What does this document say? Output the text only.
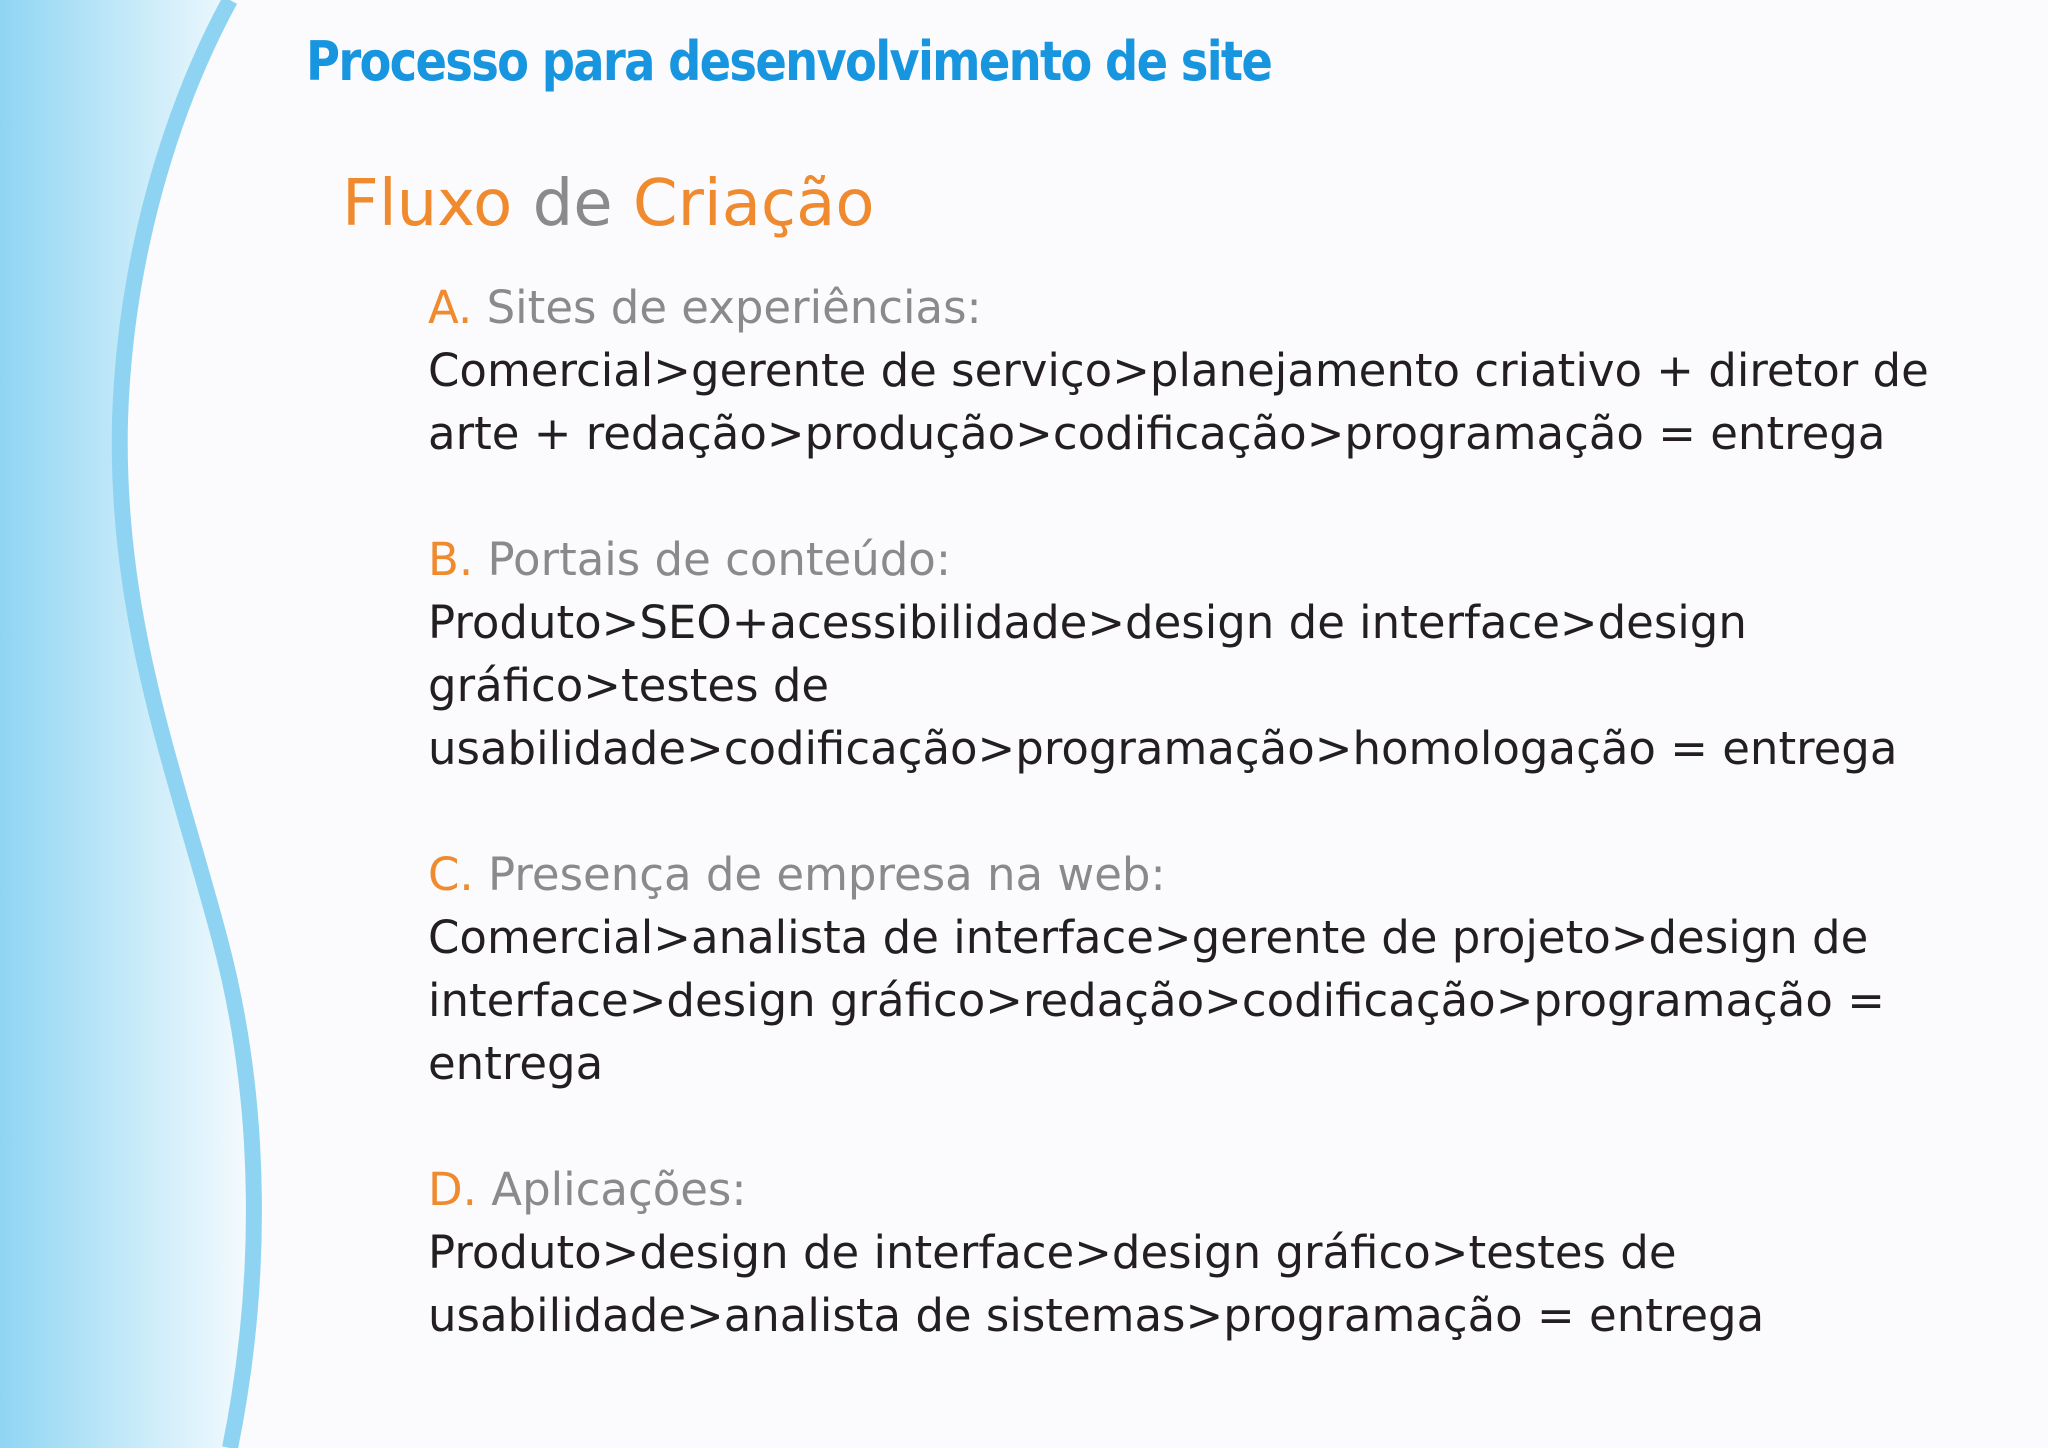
Processo para desenvolvimento de site
Fluxo de Criação
A. Sites de experiências:
Comercial>gerente de serviço>planejamento criativo + diretor de
arte + redação>produção>codificação>programação = entrega
B. Portais de conteúdo:
Produto>SEO+acessibilidade>design de interface>design
gráfico>testes de
usabilidade>codificação>programação>homologação = entrega
C. Presença de empresa na web:
Comercial>analista de interface>gerente de projeto>design de
interface>design gráfico>redação>codificação>programação =
entrega
D. Aplicações:
Produto>design de interface>design gráfico>testes de
usabilidade>analista de sistemas>programação = entrega
